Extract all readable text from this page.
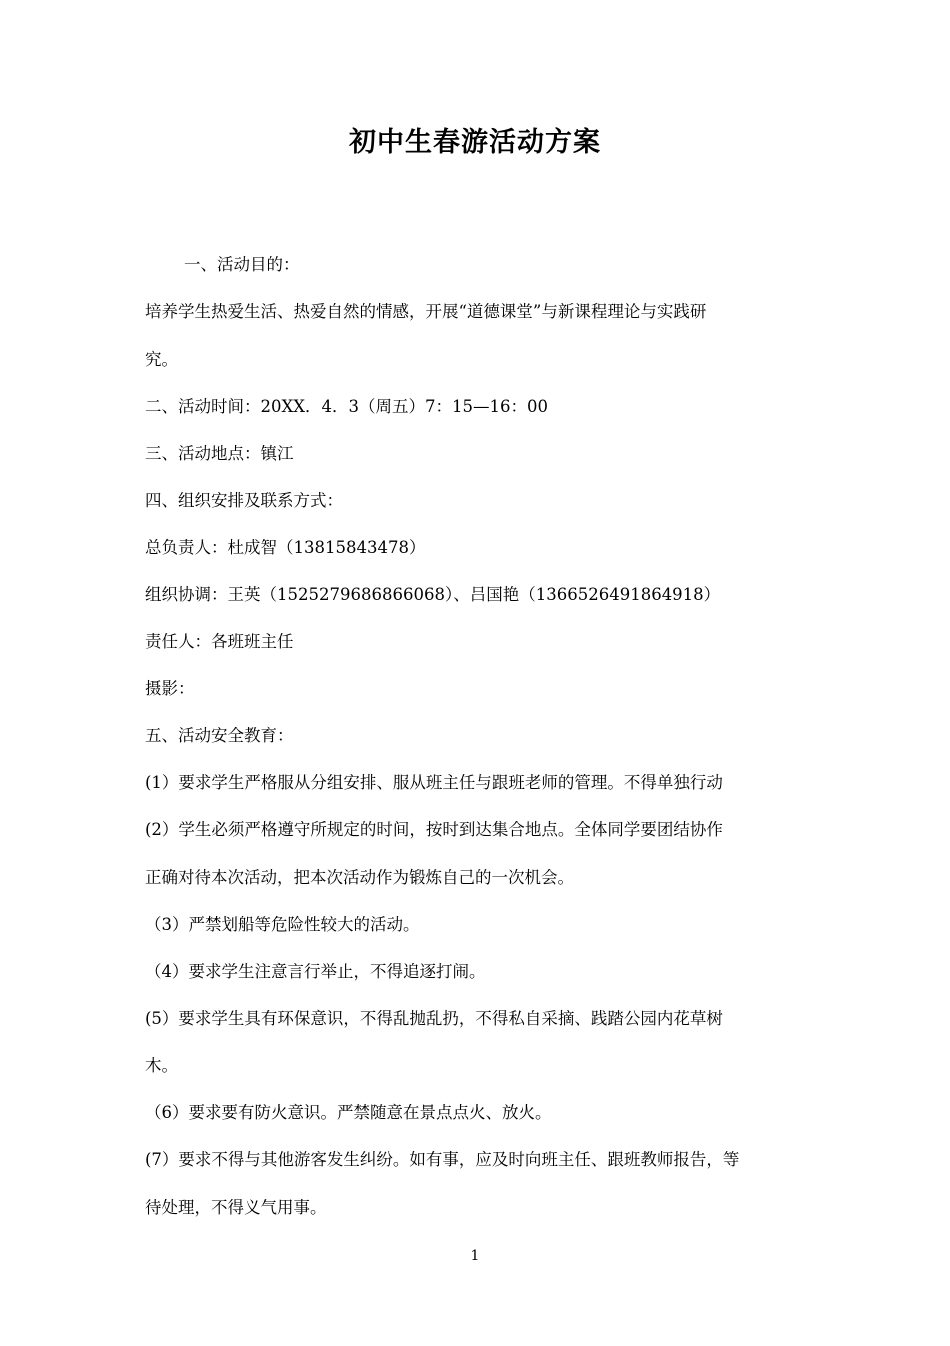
初中生春游活动方案
一、活动目的：
培养学生热爱生活、热爱自然的情感，开展“道德课堂”与新课程理论与实践研
究。
二、活动时间：20XX．4．3（周五）7：15—16：00
三、活动地点：镇江
四、组织安排及联系方式：
总负责人：杜成智（13815843478）
组织协调：王英（1525279686866068）、吕国艳（1366526491864918）
责任人：各班班主任
摄影：
五、活动安全教育：
(1）要求学生严格服从分组安排、服从班主任与跟班老师的管理。不得单独行动
(2）学生必须严格遵守所规定的时间，按时到达集合地点。全体同学要团结协作
正确对待本次活动，把本次活动作为锻炼自己的一次机会。
（3）严禁划船等危险性较大的活动。
（4）要求学生注意言行举止，不得追逐打闹。
(5）要求学生具有环保意识，不得乱抛乱扔，不得私自采摘、践踏公园内花草树
木。
（6）要求要有防火意识。严禁随意在景点点火、放火。
(7）要求不得与其他游客发生纠纷。如有事，应及时向班主任、跟班教师报告，等
待处理，不得义气用事。
1
